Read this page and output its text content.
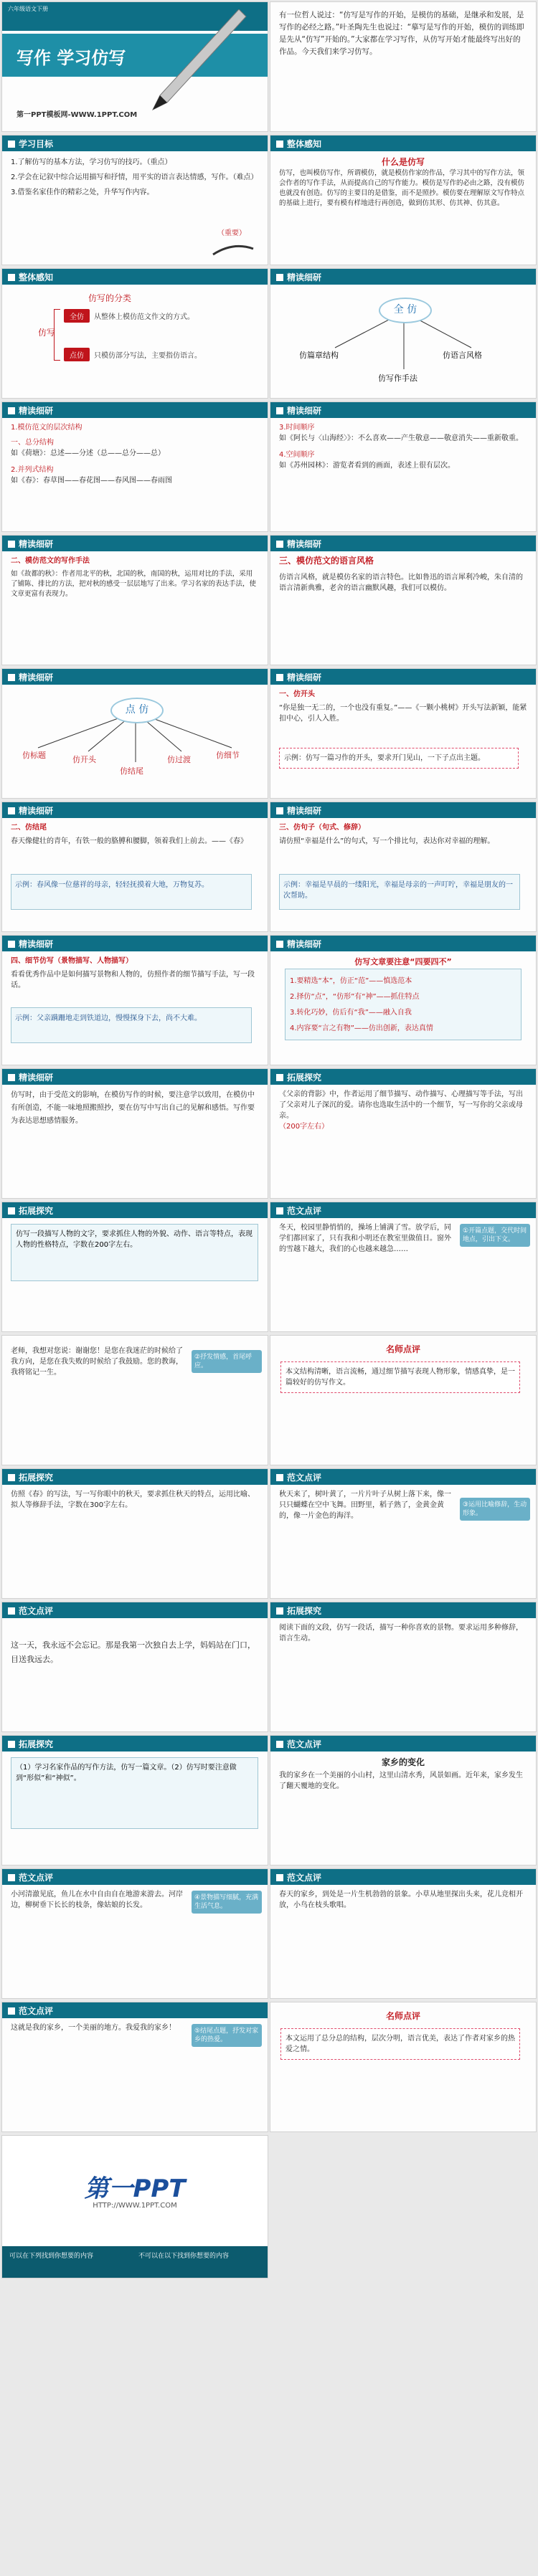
六年级语文下册
写作 学习仿写
第一PPT模板网-WWW.1PPT.COM
有一位哲人说过：“仿写是写作的开始，是模仿的基础，是继承和发展，是写作的必经之路。”叶圣陶先生也说过：“摹写是写作的开始，模仿的训练即是先从“仿写”开始的。”大家都在学习写作，从仿写开始才能最终写出好的作品。今天我们来学习仿写。
学习目标
1.了解仿写的基本方法，学习仿写的技巧。（重点）
2.学会在记叙中综合运用描写和抒情，用平实的语言表达情感，写作。（难点）
3.借鉴名家佳作的精彩之处，升华写作内容。
（重要）
整体感知
什么是仿写
仿写，也叫模仿写作，所谓模仿，就是模仿作家的作品，学习其中的写作方法，领会作者的写作手法，从而提高自己的写作能力。模仿是写作的必由之路，没有模仿也就没有创造。仿写的主要目的是借鉴，而不是照抄。模仿要在理解原文写作特点的基础上进行，要有模有样地进行再创造，做到仿其形、仿其神、仿其意。
整体感知
仿写的分类
仿写
全仿	从整体上模仿范文作文的方式。
点仿	只模仿部分写法，主要指仿语言。
精读细研
全 仿
仿篇章结构	仿语言风格
仿写作手法
精读细研
1.模仿范文的层次结构
一、总分结构
如《荷塘》：总述——分述（总——总分——总）
2.并列式结构
如《春》：春草图——春花图——春风图——春雨图
精读细研
3.时间顺序
如《阿长与〈山海经〉》：不么喜欢——产生敬意——敬意消失——重新敬重。
4.空间顺序
如《苏州园林》：游览者看到的画面，表述上很有层次。
精读细研
二、模仿范文的写作手法
如《故都的秋》：作者用北平的秋，北国的秋，南国的秋，运用对比的手法，采用了铺陈、排比的方法，把对秋的感受一层层地写了出来。学习名家的表达手法，使文章更富有表现力。
精读细研
三、模仿范文的语言风格
仿语言风格，就是模仿名家的语言特色。比如鲁迅的语言犀利冷峻，朱自清的语言清新典雅，老舍的语言幽默风趣，我们可以模仿。
精读细研
点 仿
仿标题	仿开头
仿结尾
仿过渡	仿细节
精读细研
一、仿开头
“你是独一无二的，一个也没有重复。”——《一颗小桃树》开头写法新颖，能紧扣中心，引人入胜。
示例：仿写一篇习作的开头，要求开门见山，一下子点出主题。
精读细研
二、仿结尾
春天像健壮的青年，有铁一般的胳膊和腰脚，领着我们上前去。——《春》
示例：春风像一位慈祥的母亲，轻轻抚摸着大地，万物复苏。
精读细研
三、仿句子（句式、修辞）
请仿照“幸福是什么”的句式，写一个排比句，表达你对幸福的理解。
示例：幸福是早晨的一缕阳光，幸福是母亲的一声叮咛，幸福是朋友的一次帮助。
精读细研
四、细节仿写（景物描写、人物描写）
看看优秀作品中是如何描写景物和人物的，仿照作者的细节描写手法，写一段话。
示例：父亲蹒跚地走到铁道边，慢慢探身下去，尚不大难。
精读细研
仿写文章要注意“四要四不”
1.要精选“本”，仿正“范”——慎选范本
2.择仿“点”，“仿形”有“神”——抓住特点
3.转化巧妙，仿后有“我”——融入自我
4.内容要“言之有物”——仿出创新，表达真情
精读细研
仿写时，由于受范文的影响，在模仿写作的时候，要注意学以致用，在模仿中有所创造，不能一味地照搬照抄，要在仿写中写出自己的见解和感悟。写作要为表达思想感情服务。
拓展探究
《父亲的背影》中，作者运用了细节描写、动作描写、心理描写等手法，写出了父亲对儿子深沉的爱。请你也选取生活中的一个细节，写一写你的父亲或母亲。
（200字左右）
拓展探究
仿写一段描写人物的文字，要求抓住人物的外貌、动作、语言等特点，表现人物的性格特点，字数在200字左右。
范文点评
冬天，校园里静悄悄的，操场上铺满了雪。放学后，同学们都回家了，只有我和小明还在教室里做值日。窗外的雪越下越大，我们的心也越来越急……
①开篇点题，交代时间地点，引出下文。
老师，我想对您说：谢谢您！是您在我迷茫的时候给了我方向，是您在我失败的时候给了我鼓励。您的教诲，我将铭记一生。
②抒发情感，首尾呼应。
名师点评
本文结构清晰，语言流畅，通过细节描写表现人物形象，情感真挚，是一篇较好的仿写作文。
拓展探究
仿照《春》的写法，写一写你眼中的秋天，要求抓住秋天的特点，运用比喻、拟人等修辞手法，字数在300字左右。
范文点评
秋天来了，树叶黄了，一片片叶子从树上落下来，像一只只蝴蝶在空中飞舞。田野里，稻子熟了，金黄金黄的，像一片金色的海洋。
③运用比喻修辞，生动形象。
范文点评
这一天，我永远不会忘记。那是我第一次独自去上学，妈妈站在门口，目送我远去。
拓展探究
阅读下面的文段，仿写一段话，描写一种你喜欢的景物。要求运用多种修辞，语言生动。
拓展探究
（1）学习名家作品的写作方法，仿写一篇文章。（2）仿写时要注意做到“形似”和“神似”。
范文点评
家乡的变化
我的家乡在一个美丽的小山村，这里山清水秀，风景如画。近年来，家乡发生了翻天覆地的变化。
范文点评
小河清澈见底，鱼儿在水中自由自在地游来游去。河岸边，柳树垂下长长的枝条，像姑娘的长发。
④景物描写细腻，充满生活气息。
范文点评
春天的家乡，到处是一片生机勃勃的景象。小草从地里探出头来，花儿竞相开放，小鸟在枝头歌唱。
范文点评
这就是我的家乡，一个美丽的地方。我爱我的家乡！	⑤结尾点题，抒发对家乡的热爱。
名师点评
本文运用了总分总的结构，层次分明，语言优美，表达了作者对家乡的热爱之情。
第一PPT
HTTP://WWW.1PPT.COM
可以在下列找到你想要的内容	不可以在以下找到你想要的内容
